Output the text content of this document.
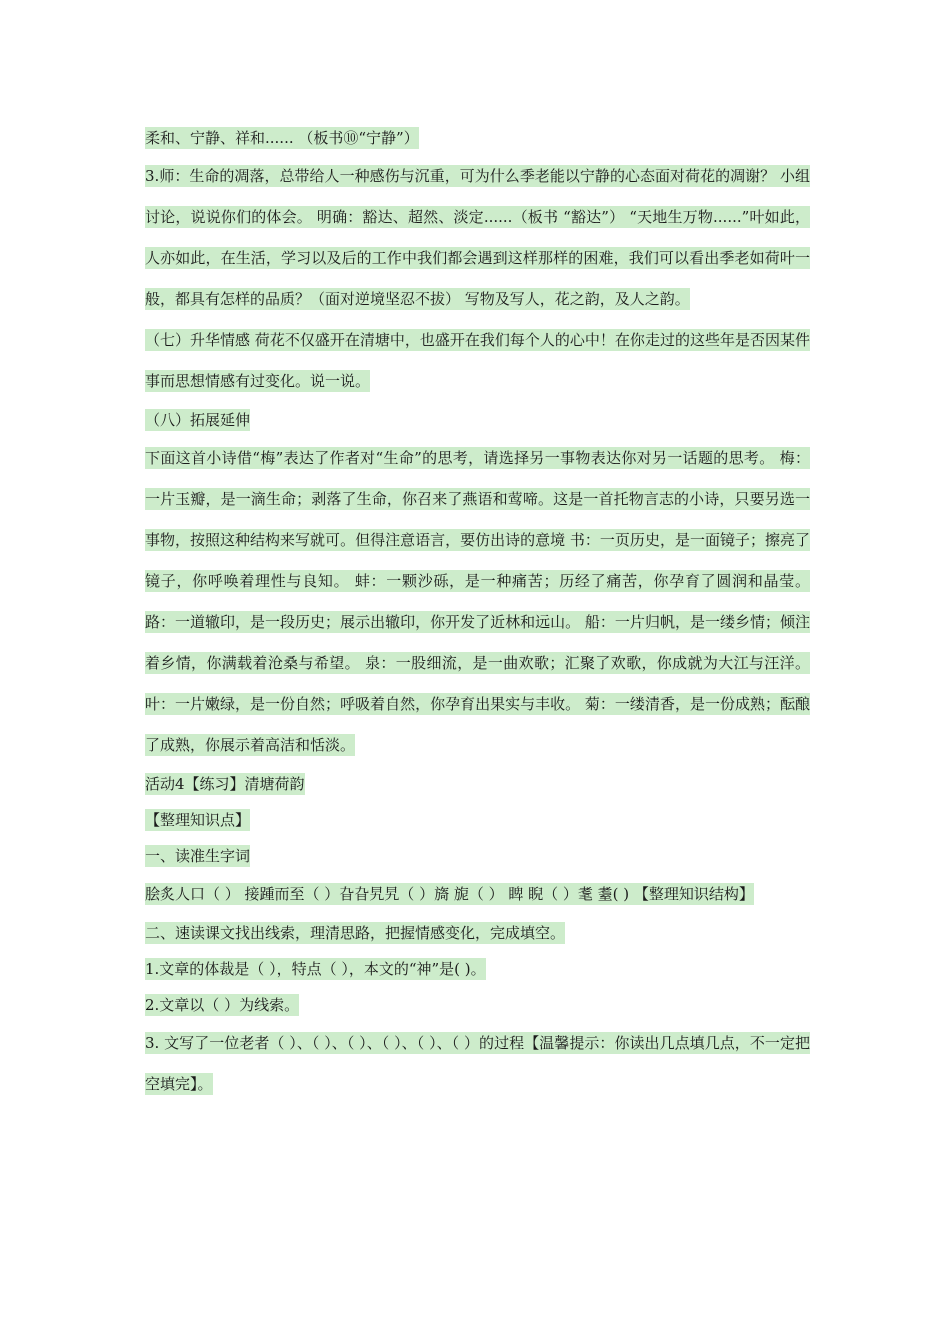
柔和、宁静、祥和...... （板书⑩“宁静”）

3.师：生命的凋落，总带给人一种感伤与沉重，可为什么季老能以宁静的心态面对荷花的凋谢？ 小组讨论，说说你们的体会。 明确：豁达、超然、淡定......（板书 “豁达”） “天地生万物......”叶如此，人亦如此，在生活，学习以及后的工作中我们都会遇到这样那样的困难，我们可以看出季老如荷叶一般，都具有怎样的品质？（面对逆境坚忍不拔） 写物及写人，花之韵，及人之韵。

（七）升华情感 荷花不仅盛开在清塘中，也盛开在我们每个人的心中！在你走过的这些年是否因某件事而思想情感有过变化。说一说。

（八）拓展延伸

下面这首小诗借“梅”表达了作者对“生命”的思考，请选择另一事物表达你对另一话题的思考。 梅：一片玉瓣，是一滴生命；剥落了生命，你召来了燕语和莺啼。这是一首托物言志的小诗，只要另选一事物，按照这种结构来写就可。但得注意语言，要仿出诗的意境 书：一页历史，是一面镜子；擦亮了镜子，你呼唤着理性与良知。 蚌：一颗沙砾，是一种痛苦；历经了痛苦，你孕育了圆润和晶莹。 路：一道辙印，是一段历史；展示出辙印，你开发了近林和远山。 船：一片归帆，是一缕乡情；倾注着乡情，你满载着沧桑与希望。 泉：一股细流，是一曲欢歌；汇聚了欢歌，你成就为大江与汪洋。 叶：一片嫩绿，是一份自然；呼吸着自然，你孕育出果实与丰收。 菊：一缕清香，是一份成熟；酝酿了成熟，你展示着高洁和恬淡。

活动4【练习】清塘荷韵

【整理知识点】

一、读准生字词

脍炙人口（ ） 接踵而至（ ）旮旮旯旯（ ）旖 旎（ ） 睥 睨（ ）耄 耋( ) 【整理知识结构】

二、速读课文找出线索，理清思路，把握情感变化，完成填空。

1.文章的体裁是（ ），特点（ ），本文的“神”是( )。

2.文章以（ ）为线索。

3. 文写了一位老者（ ）、（ ）、（ ）、（ ）、（ ）、（ ）的过程【温馨提示：你读出几点填几点，不一定把空填完】。
